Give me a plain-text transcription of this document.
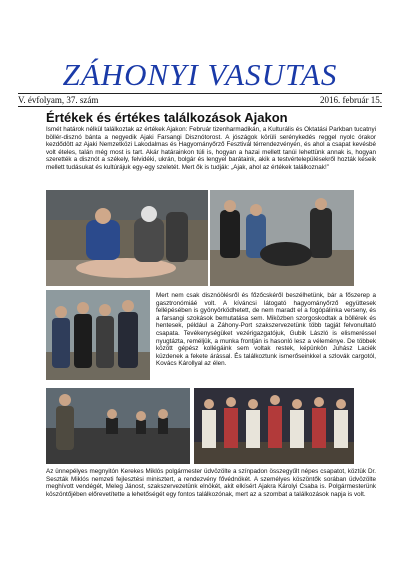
ZÁHONYI VASUTAS
V. évfolyam, 37. szám	2016. február 15.
Értékek és értékes találkozások Ajakon
Ismét határok nélkül találkoztak az értékek Ajakon: Február tizenharmadikán, a Kulturális és Oktatási Parkban tucatnyi böllér-disznó bánta a negyedik Ajaki Farsangi Disznótorost. A jószágok körüli serénykedés reggel nyolc órakor kezdődött az Ajaki Nemzetközi Lakodalmas és Hagyományőrző Fesztivál térrendezvényén, és ahol a csapat kevésbé volt ételes, talán még most is tart. Akár határainkon túli is, hogyan a hazai mellett tanúi lehettünk annak is, hogyan szerették a disznót a székely, felvidéki, ukrán, bolgár és lengyel barátaink, akik a testvértelepülésekről hozták késeik mellett tudásukat és kultúrájuk egy-egy szeletét. Mert ők is tudják: „Ajak, ahol az értékek találkoznak!”
Mert nem csak disznóölésről és főzőcskéről beszélhetünk, bár a főszerep a gasztronómiáé volt. A kíváncsi látogató hagyományőrző együttesek fellépésében is gyönyörködhetett, de nem maradt el a fogópálinka verseny, és a farsangi szokások bemutatása sem. Miközben szorgoskodtak a böllérek és hentesek, például a Záhony-Port szakszervezetünk több tagját felvonultató csapata. Tevékenységüket vezérigazgatójuk, Gubik László is elismeréssel nyugtázta, reméljük, a munka frontján is hasonló lesz a véleménye. De többek között gépész kollégáink sem voltak restek, képünkön Juhász Laciék küzdenek a fekete árással. És találkoztunk ismerőseinkkel a szlovák cargotól, Kovács Károllyal az élen.
Az ünnepélyes megnyitón Kerekes Miklós polgármester üdvözölte a színpadon összegyűlt népes csapatot, köztük Dr. Seszták Miklós nemzeti fejlesztési minisztert, a rendezvény fővédnökét. A személyes köszöntők sorában üdvözölte meghívott vendégét, Meleg Jánost, szakszervezetünk elnökét, akit elkísért Ajakra Károlyi Csaba is. Polgármesterünk köszöntőjében előrevetítette a lehetőségét egy fontos találkozónak, mert az a szombat a találkozások napja is volt.
